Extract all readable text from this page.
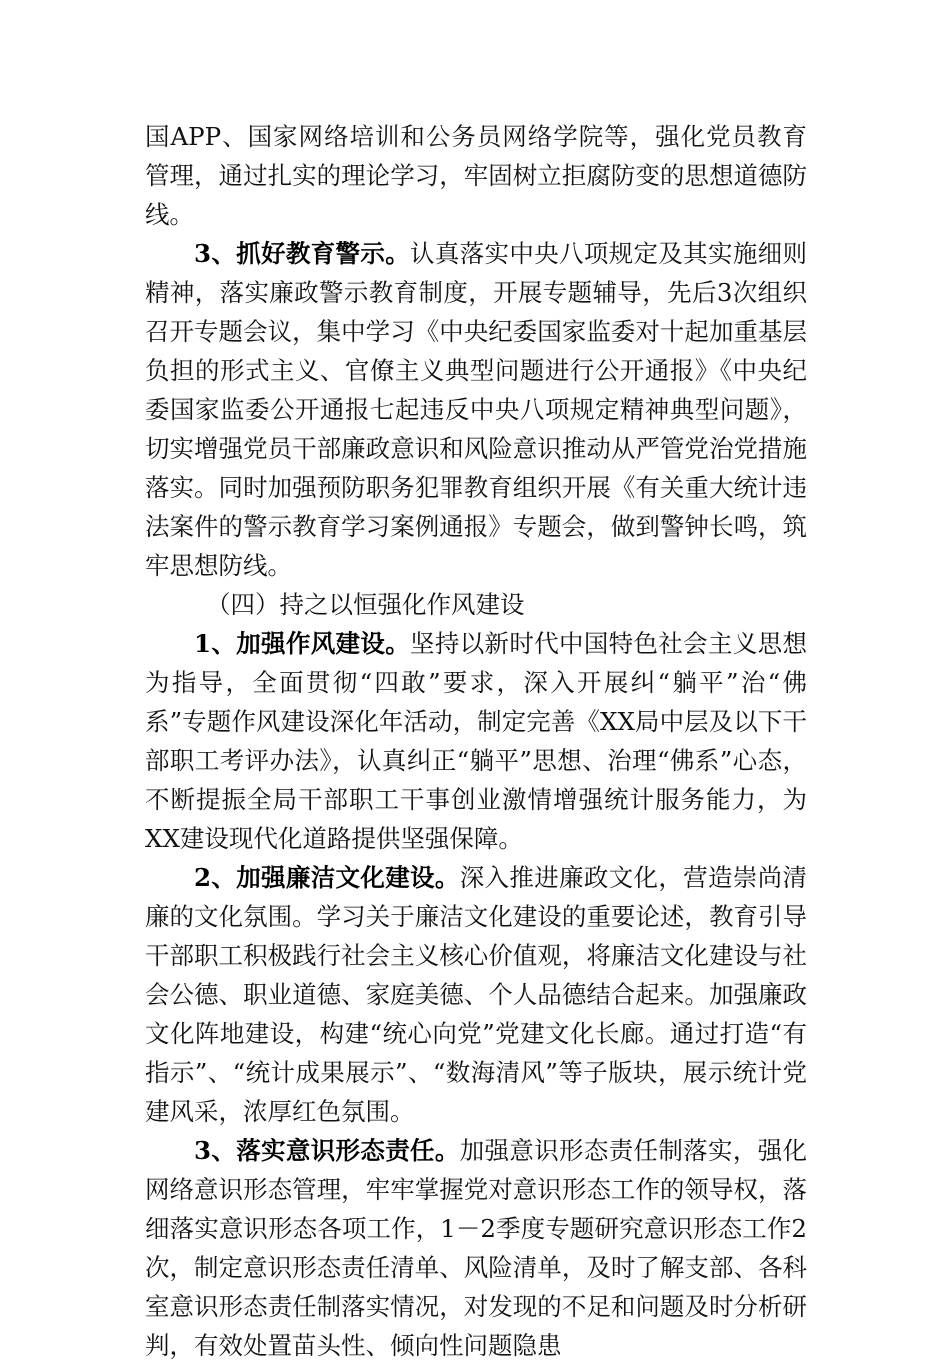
国APP、国家网络培训和公务员网络学院等，强化党员教育管理，通过扎实的理论学习，牢固树立拒腐防变的思想道德防线。

3、抓好教育警示。认真落实中央八项规定及其实施细则精神，落实廉政警示教育制度，开展专题辅导，先后3次组织召开专题会议，集中学习《中央纪委国家监委对十起加重基层负担的形式主义、官僚主义典型问题进行公开通报》《中央纪委国家监委公开通报七起违反中央八项规定精神典型问题》，切实增强党员干部廉政意识和风险意识推动从严管党治党措施落实。同时加强预防职务犯罪教育组织开展《有关重大统计违法案件的警示教育学习案例通报》专题会，做到警钟长鸣，筑牢思想防线。

（四）持之以恒强化作风建设

1、加强作风建设。坚持以新时代中国特色社会主义思想为指导，全面贯彻“四敢”要求，深入开展纠“躺平”治“佛系”专题作风建设深化年活动，制定完善《XX局中层及以下干部职工考评办法》，认真纠正“躺平”思想、治理“佛系”心态，不断提振全局干部职工干事创业激情增强统计服务能力，为XX建设现代化道路提供坚强保障。

2、加强廉洁文化建设。深入推进廉政文化，营造崇尚清廉的文化氛围。学习关于廉洁文化建设的重要论述，教育引导干部职工积极践行社会主义核心价值观，将廉洁文化建设与社会公德、职业道德、家庭美德、个人品德结合起来。加强廉政文化阵地建设，构建“统心向党”党建文化长廊。通过打造“有指示”、“统计成果展示”、“数海清风”等子版块，展示统计党建风采，浓厚红色氛围。

3、落实意识形态责任。加强意识形态责任制落实，强化网络意识形态管理，牢牢掌握党对意识形态工作的领导权，落细落实意识形态各项工作，1－2季度专题研究意识形态工作2次，制定意识形态责任清单、风险清单，及时了解支部、各科室意识形态责任制落实情况，对发现的不足和问题及时分析研判，有效处置苗头性、倾向性问题隐患
